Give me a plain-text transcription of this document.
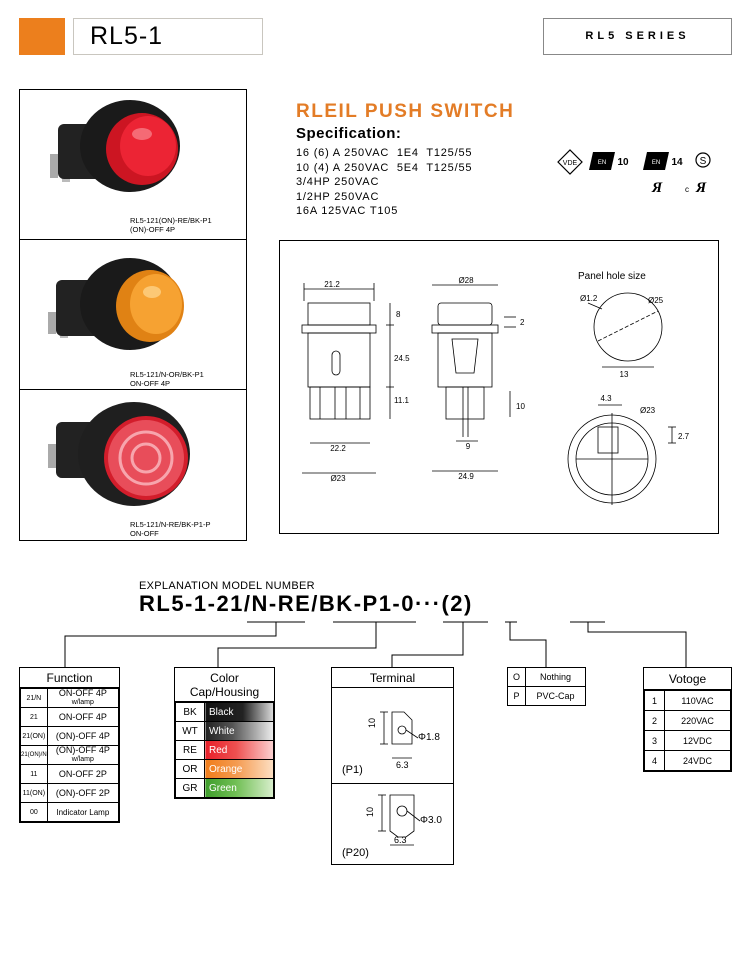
RL5-1	RL5 SERIES
RL5-121(ON)-RE/BK-P1
(ON)-OFF 4P
RL5-121/N-OR/BK-P1
ON-OFF 4P
RL5-121/N-RE/BK-P1-P
ON-OFF
RLEIL PUSH SWITCH
Specification:
16 (6) A 250VAC  1E4  T125/55
10 (4) A 250VAC  5E4  T125/55
3/4HP 250VAC
1/2HP 250VAC
16A 125VAC T105
VDE	EN 10	EN 14 S
Я	c Я
21.2
8
24.5
11.1
22.2
Ø23
Ø28
2
10
9
24.9
Ø1.2	Ø25
13
4.3
Ø23
2.7
Panel hole size
EXPLANATION MODEL NUMBER
RL5-1-21/N-RE/BK-P1-0···(2)
Function
21/N	ON-OFF 4P
w/lamp

21	ON-OFF 4P
21(ON)	(ON)-OFF 4P
21(ON)/N	(ON)-OFF 4P
w/lamp

11	ON-OFF 2P
11(ON)	(ON)-OFF 2P
00	Indicator Lamp
Color
Cap/Housing
BK	Black
WT	White
RE	Red
OR	Orange
GR	Green
Terminal
10
6.3
Φ1.8
(P1)
10
6.3
Φ3.0
(P20)
O	Nothing
P	PVC-Cap
Votoge
1	110VAC
2	220VAC
3	12VDC
4	24VDC
